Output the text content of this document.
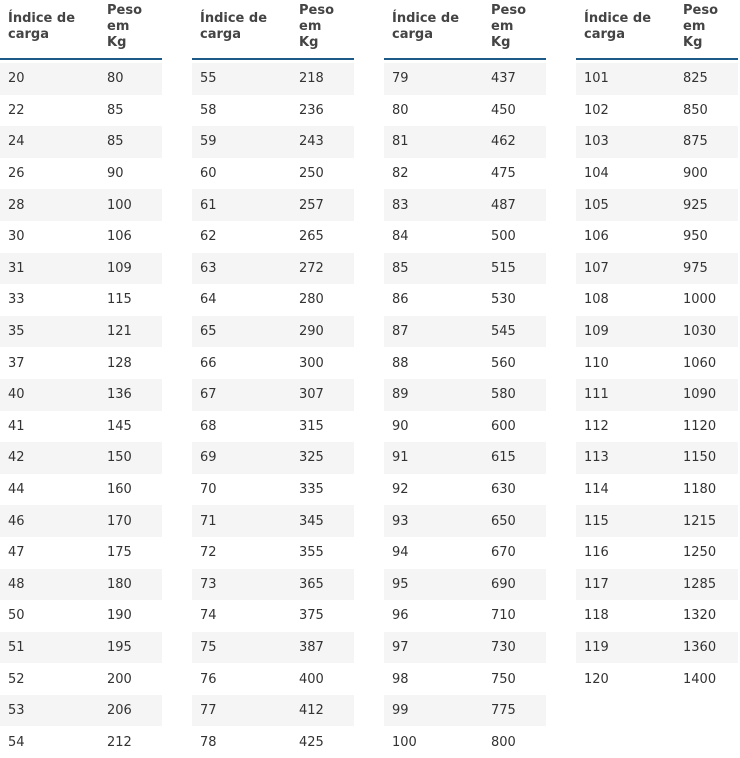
Índice de
carga
Peso
em
Kg
20	80
22	85
24	85
26	90
28	100
30	106
31	109
33	115
35	121
37	128
40	136
41	145
42	150
44	160
46	170
47	175
48	180
50	190
51	195
52	200
53	206
54	212
Índice de
carga
Peso
em
Kg
55	218
58	236
59	243
60	250
61	257
62	265
63	272
64	280
65	290
66	300
67	307
68	315
69	325
70	335
71	345
72	355
73	365
74	375
75	387
76	400
77	412
78	425
Índice de
carga
Peso
em
Kg
79	437
80	450
81	462
82	475
83	487
84	500
85	515
86	530
87	545
88	560
89	580
90	600
91	615
92	630
93	650
94	670
95	690
96	710
97	730
98	750
99	775
100	800
Índice de
carga
Peso
em
Kg
101	825
102	850
103	875
104	900
105	925
106	950
107	975
108	1000
109	1030
110	1060
111	1090
112	1120
113	1150
114	1180
115	1215
116	1250
117	1285
118	1320
119	1360
120	1400
